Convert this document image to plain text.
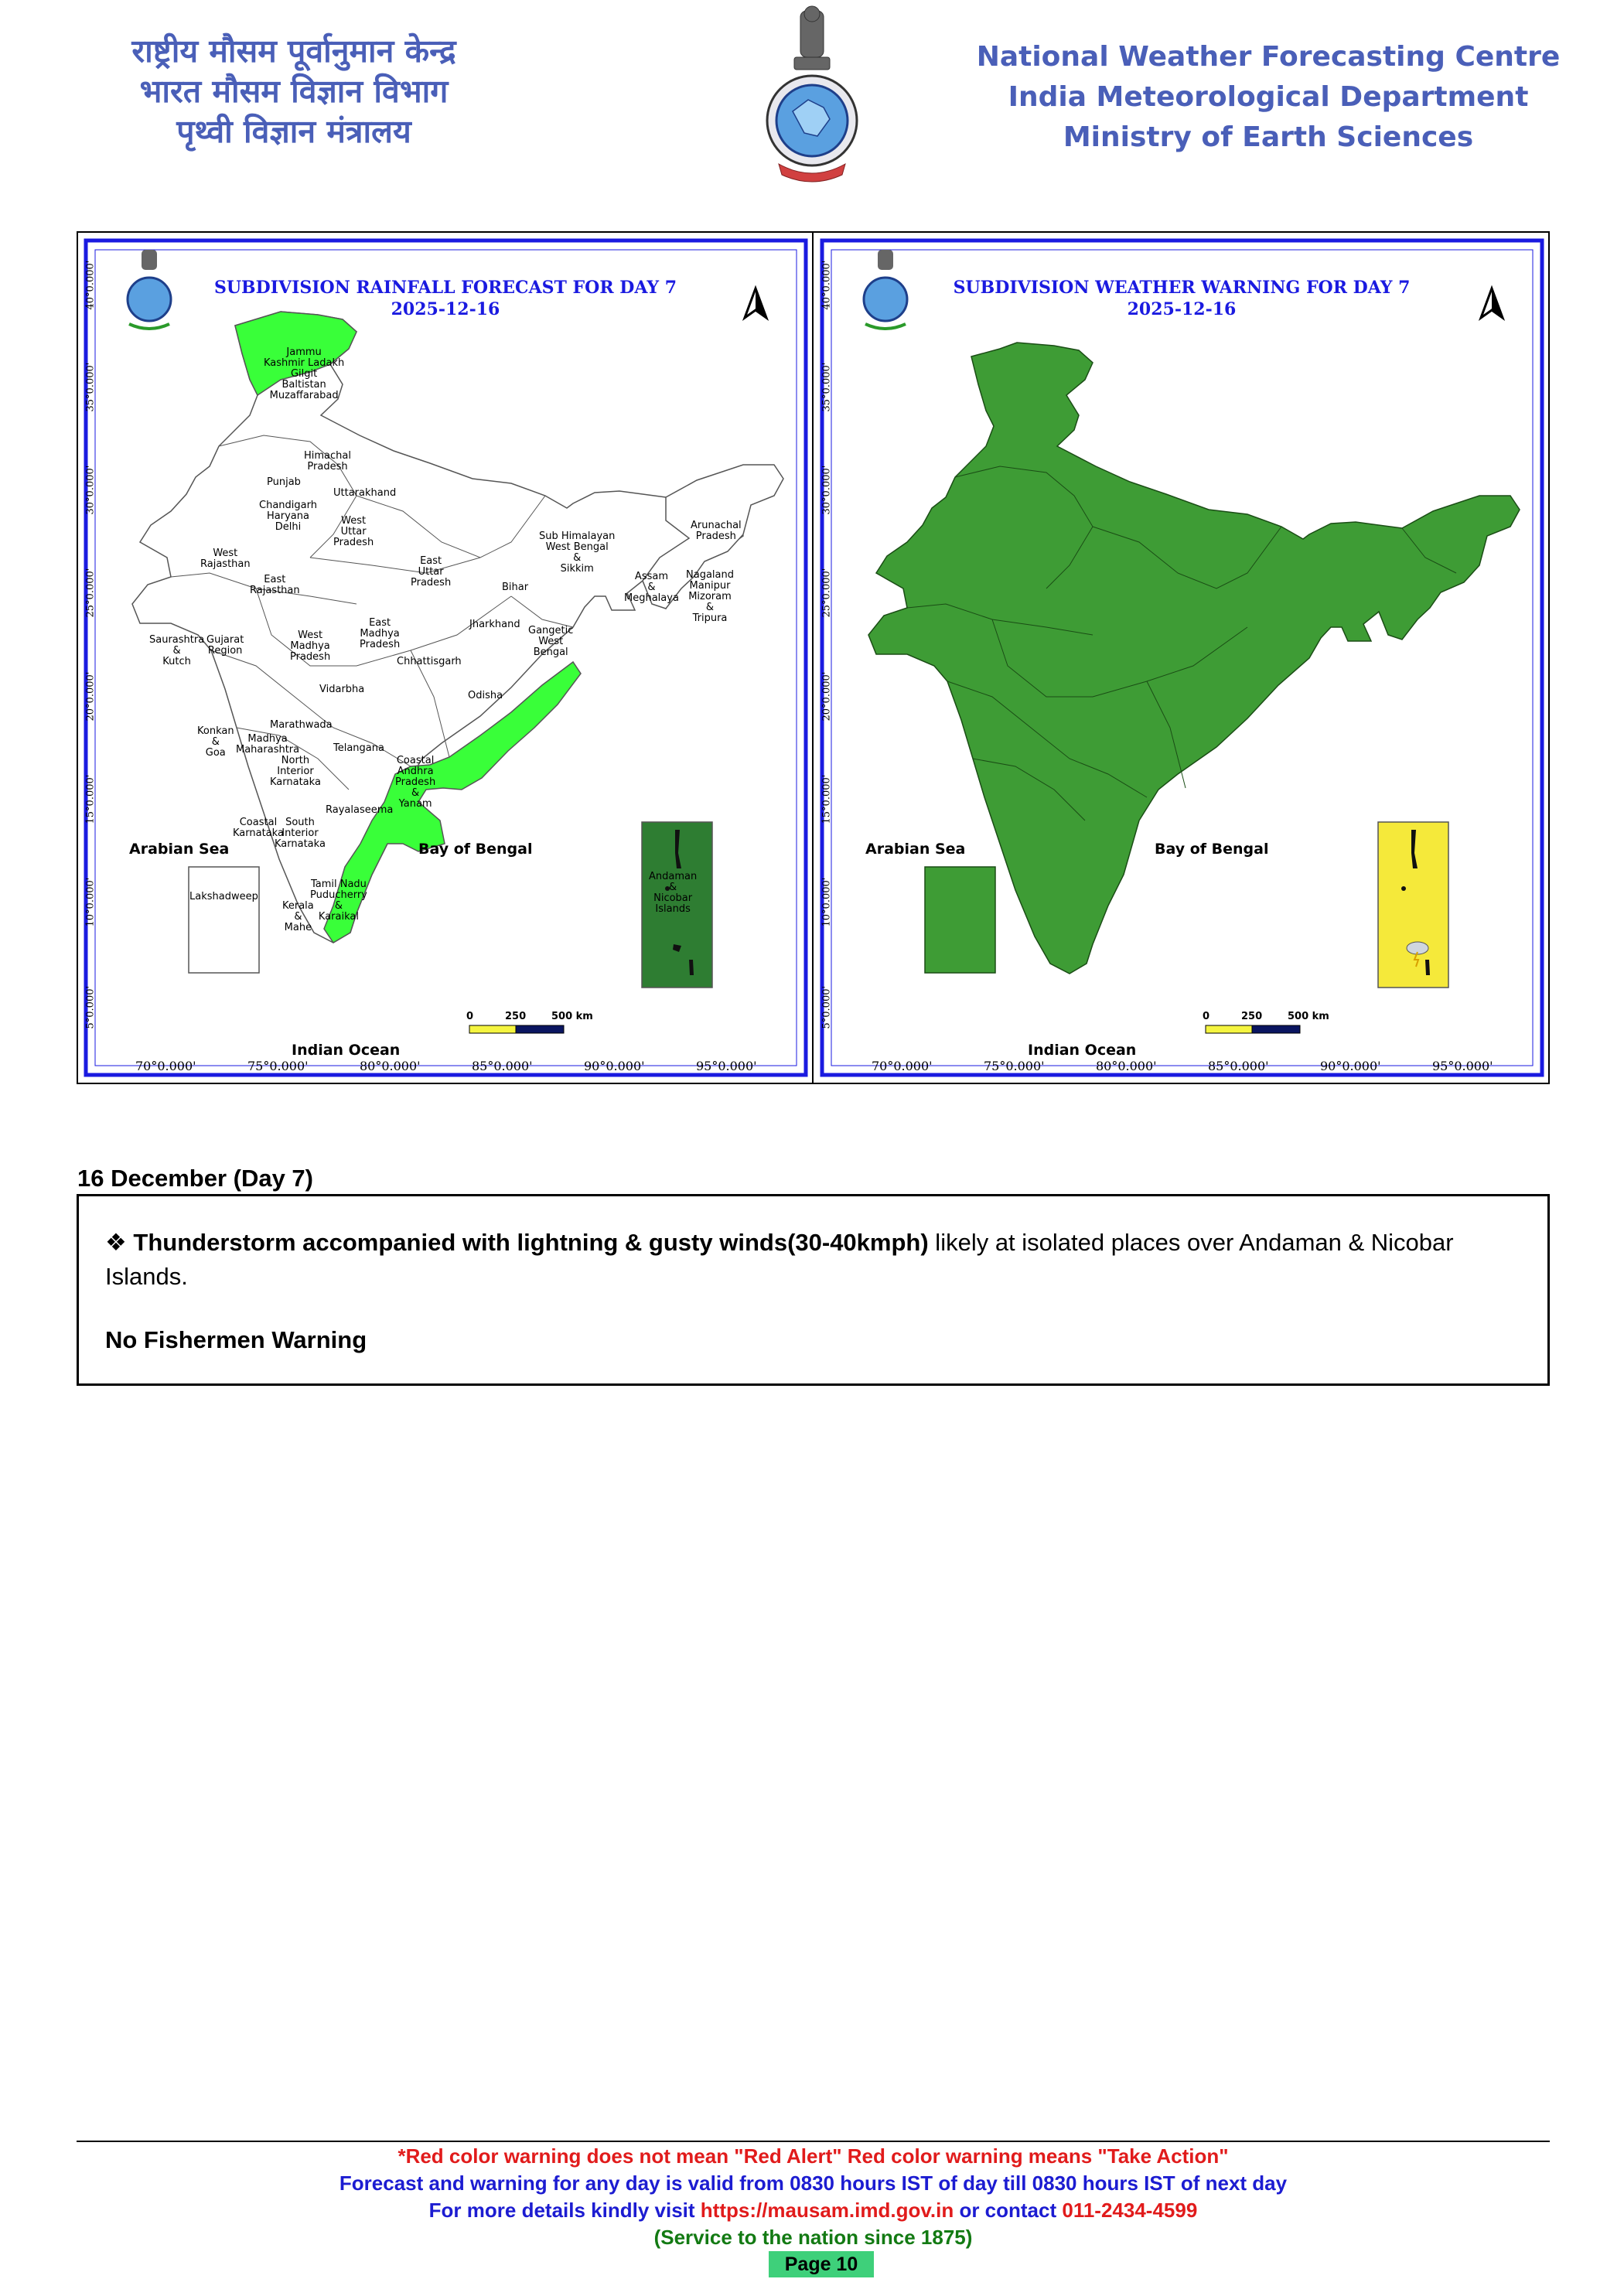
राष्ट्रीय मौसम पूर्वानुमान केन्द्र
भारत मौसम विज्ञान विभाग
पृथ्वी विज्ञान मंत्रालय
National Weather Forecasting Centre
India Meteorological Department
Ministry of Earth Sciences
SUBDIVISION RAINFALL FORECAST FOR DAY 7
2025-12-16
Jammu
Kashmir Ladakh
Gilgit
Baltistan
Muzaffarabad
Himachal
Pradesh
Punjab
Uttarakhand
Chandigarh
Haryana
Delhi
West
Uttar
Pradesh
West
Rajasthan
East
Rajasthan
East
Uttar
Pradesh	Bihar
Sub Himalayan
West Bengal
&
Sikkim
Arunachal
Pradesh
Assam
&
Meghalaya
Nagaland
Manipur
Mizoram
&
Tripura
Saurashtra
&
Kutch
Gujarat
Region
West
Madhya
Pradesh
East
Madhya
Pradesh
Jharkhand
Gangetic
West
Bengal
Chhattisgarh
Vidarbha
Odisha
Marathwada
Konkan
&
Goa
Madhya
Maharashtra
North
Interior
Karnataka
Telangana
Coastal
Andhra
Pradesh
&
Yanam
Rayalaseema
Coastal
Karnataka
South
Interior
Karnataka
Tamil Nadu
Puducherry
&
Karaikal
Kerala
&
Mahe
Lakshadweep
Andaman
&
Nicobar
Islands
Arabian Sea	Bay of Bengal
Indian Ocean
40°0.000'
35°0.000'
30°0.000'
25°0.000'
20°0.000'
15°0.000'
10°0.000'
5°0.000'
70°0.000'	75°0.000'	80°0.000'	85°0.000'	90°0.000'	95°0.000'
0	250	500 km
SUBDIVISION WEATHER WARNING FOR DAY 7
2025-12-16
Arabian Sea	Bay of Bengal
Indian Ocean
40°0.000'
35°0.000'
30°0.000'
25°0.000'
20°0.000'
15°0.000'
10°0.000'
5°0.000'
70°0.000'	75°0.000'	80°0.000'	85°0.000'	90°0.000'	95°0.000'
0	250	500 km
16 December (Day 7)
❖ Thunderstorm accompanied with lightning & gusty winds(30-40kmph) likely at isolated places over Andaman & Nicobar Islands.
No Fishermen Warning
*Red color warning does not mean "Red Alert" Red color warning means "Take Action"
Forecast and warning for any day is valid from 0830 hours IST of day till 0830 hours IST of next day
For more details kindly visit https://mausam.imd.gov.in or contact 011-2434-4599
(Service to the nation since 1875)
Page 10
